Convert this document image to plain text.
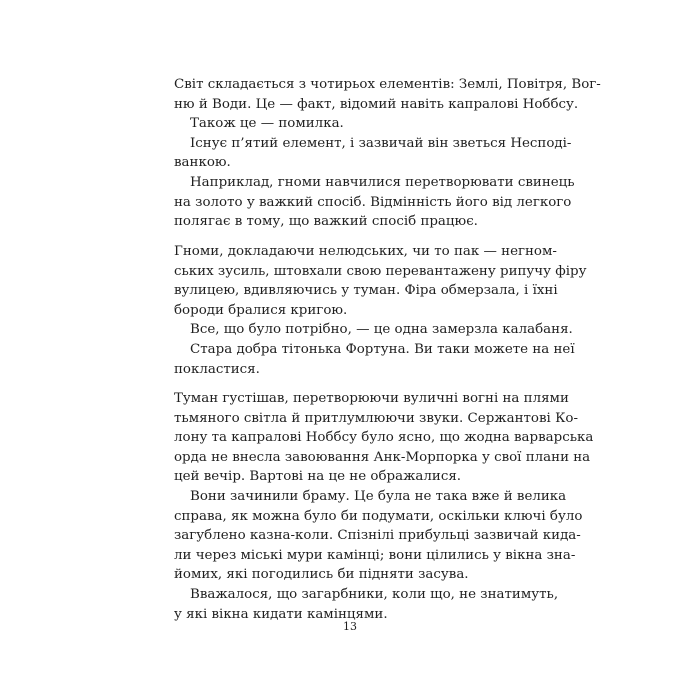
Світ складається з чотирьох елементів: Землі, Повітря, Вог-
ню й Води. Це — факт, відомий навіть капралові Ноббсу.
Також це — помилка.
Існує п’ятий елемент, і зазвичай він зветься Несподі-
ванкою.
Наприклад, гноми навчилися перетворювати свинець
на золото у важкий спосіб. Відмінність його від легкого
полягає в тому, що важкий спосіб працює.
Гноми, докладаючи нелюдських, чи то пак — негном-
ських зусиль, штовхали свою перевантажену рипучу фіру
вулицею, вдивляючись у туман. Фіра обмерзала, і їхні
бороди бралися кригою.
Все, що було потрібно, — це одна замерзла калабаня.
Стара добра тітонька Фортуна. Ви таки можете на неї
покластися.
Туман густішав, перетворюючи вуличні вогні на плями
тьмяного світла й притлумлюючи звуки. Сержантові Ко-
лону та капралові Ноббсу було ясно, що жодна варварська
орда не внесла завоювання Анк-Морпорка у свої плани на
цей вечір. Вартові на це не ображалися.
Вони зачинили браму. Це була не така вже й велика
справа, як можна було би подумати, оскільки ключі було
загублено казна-коли. Спізнілі прибульці зазвичай кида-
ли через міські мури камінці; вони цілились у вікна зна-
йомих, які погодились би підняти засува.
Вважалося, що загарбники, коли що, не знатимуть,
у які вікна кидати камінцями.
13
